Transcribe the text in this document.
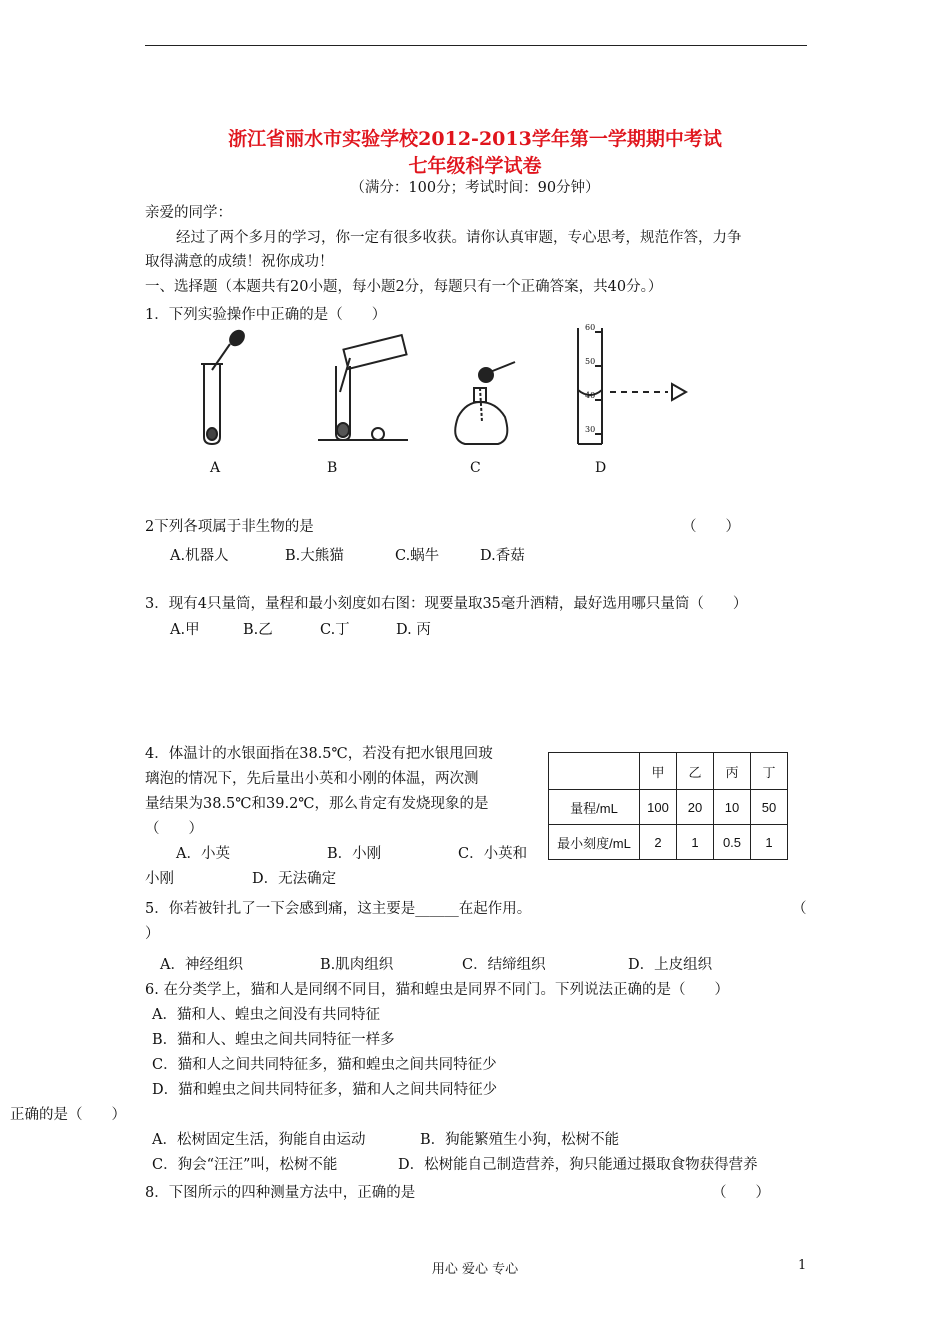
浙江省丽水市实验学校2012-2013学年第一学期期中考试
七年级科学试卷
（满分：100分；考试时间：90分钟）
亲爱的同学：
经过了两个多月的学习，你一定有很多收获。请你认真审题，专心思考，规范作答，力争
取得满意的成绩！祝你成功！
一、选择题（本题共有20小题，每小题2分，每题只有一个正确答案，共40分。）
1．下列实验操作中正确的是（　　）
60
50
40
30
A	B	C	D
2下列各项属于非生物的是	（　　）
A.机器人	B.大熊猫	C.蜗牛	D.香菇
3．现有4只量筒，量程和最小刻度如右图：现要量取35毫升酒精，最好选用哪只量筒（　　）
A.甲	B.乙	C.丁	D. 丙
4．体温计的水银面指在38.5℃，若没有把水银甩回玻
璃泡的情况下，先后量出小英和小刚的体温，两次测
量结果为38.5℃和39.2℃，那么肯定有发烧现象的是
（　　）
A．小英	B．小刚	C．小英和
小刚	D．无法确定
	甲	乙	丙	丁
量程/mL	100	20	10	50
最小刻度/mL	2	1	0.5	1
5．你若被针扎了一下会感到痛，这主要是______在起作用。	（
）
A．神经组织	B.肌肉组织	C．结缔组织	D．上皮组织
6. 在分类学上，猫和人是同纲不同目，猫和蝗虫是同界不同门。下列说法正确的是（　　）
A．猫和人、蝗虫之间没有共同特征
B．猫和人、蝗虫之间共同特征一样多
C．猫和人之间共同特征多，猫和蝗虫之间共同特征少
D．猫和蝗虫之间共同特征多，猫和人之间共同特征少
正确的是（　　）
A．松树固定生活，狗能自由运动	B．狗能繁殖生小狗，松树不能
C．狗会“汪汪”叫，松树不能	D．松树能自己制造营养，狗只能通过摄取食物获得营养
8．下图所示的四种测量方法中，正确的是	（　　）
用心 爱心 专心	1
